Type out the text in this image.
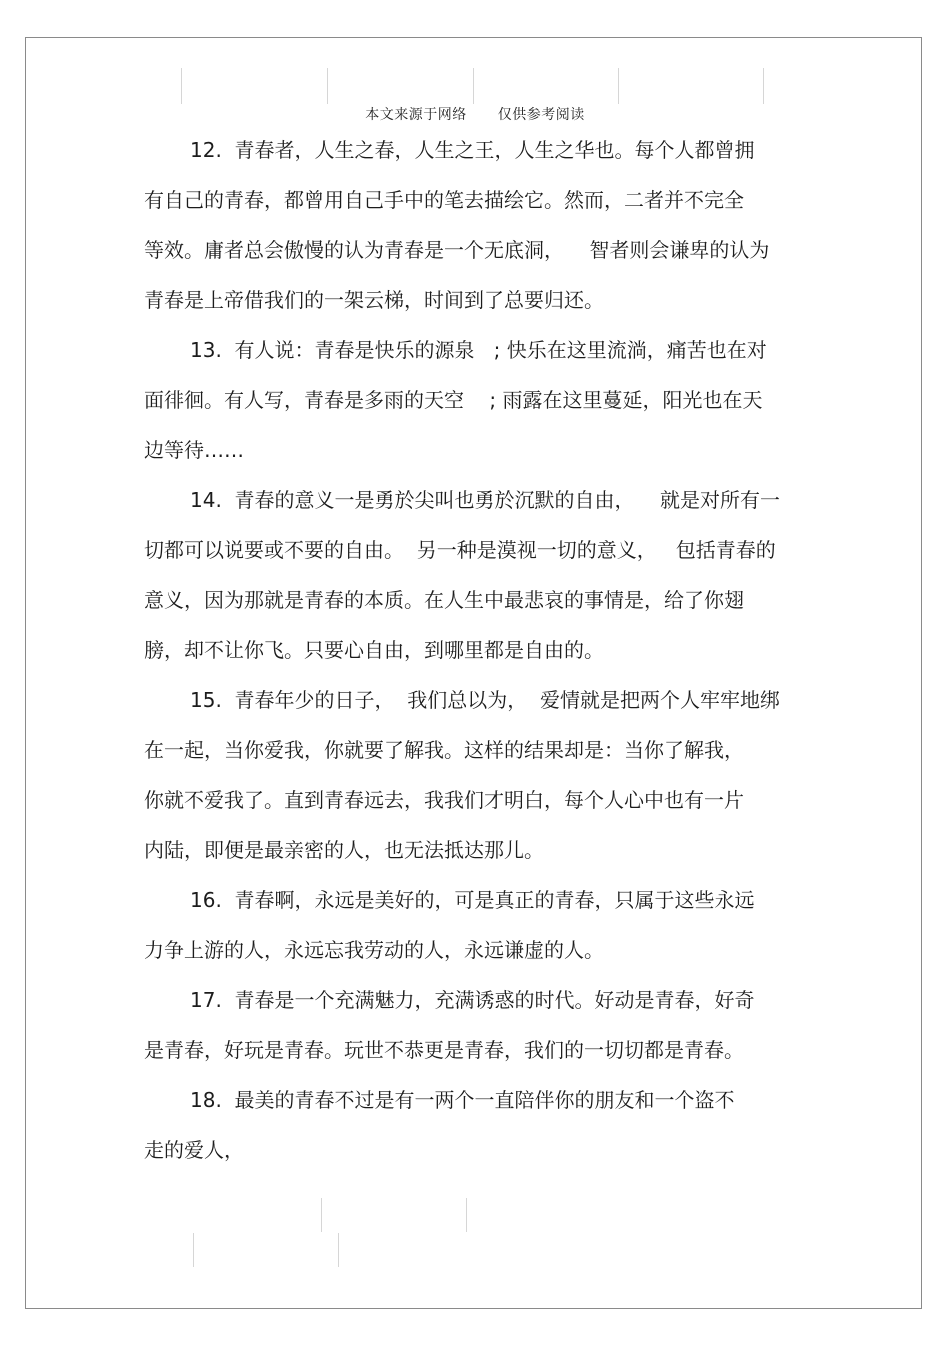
本文来源于网络 仅供参考阅读
12.  青春者，人生之春，人生之王，人生之华也。每个人都曾拥
有自己的青春，都曾用自己手中的笔去描绘它。然而，二者并不完全
等效。庸者总会傲慢的认为青春是一个无底洞，    智者则会谦卑的认为
青春是上帝借我们的一架云梯，时间到了总要归还。
13.  有人说：青春是快乐的源泉   ; 快乐在这里流淌，痛苦也在对
面徘徊。有人写，青春是多雨的天空    ; 雨露在这里蔓延，阳光也在天
边等待……
14.  青春的意义一是勇於尖叫也勇於沉默的自由，    就是对所有一
切都可以说要或不要的自由。  另一种是漠视一切的意义，   包括青春的
意义，因为那就是青春的本质。在人生中最悲哀的事情是，给了你翅
膀，却不让你飞。只要心自由，到哪里都是自由的。
15.  青春年少的日子，  我们总以为，  爱情就是把两个人牢牢地绑
在一起，当你爱我，你就要了解我。这样的结果却是：当你了解我，
你就不爱我了。直到青春远去，我我们才明白，每个人心中也有一片
内陆，即便是最亲密的人，也无法抵达那儿。
16.  青春啊，永远是美好的，可是真正的青春，只属于这些永远
力争上游的人，永远忘我劳动的人，永远谦虚的人。
17.  青春是一个充满魅力，充满诱惑的时代。好动是青春，好奇
是青春，好玩是青春。玩世不恭更是青春，我们的一切切都是青春。
18.  最美的青春不过是有一两个一直陪伴你的朋友和一个盗不
走的爱人，
